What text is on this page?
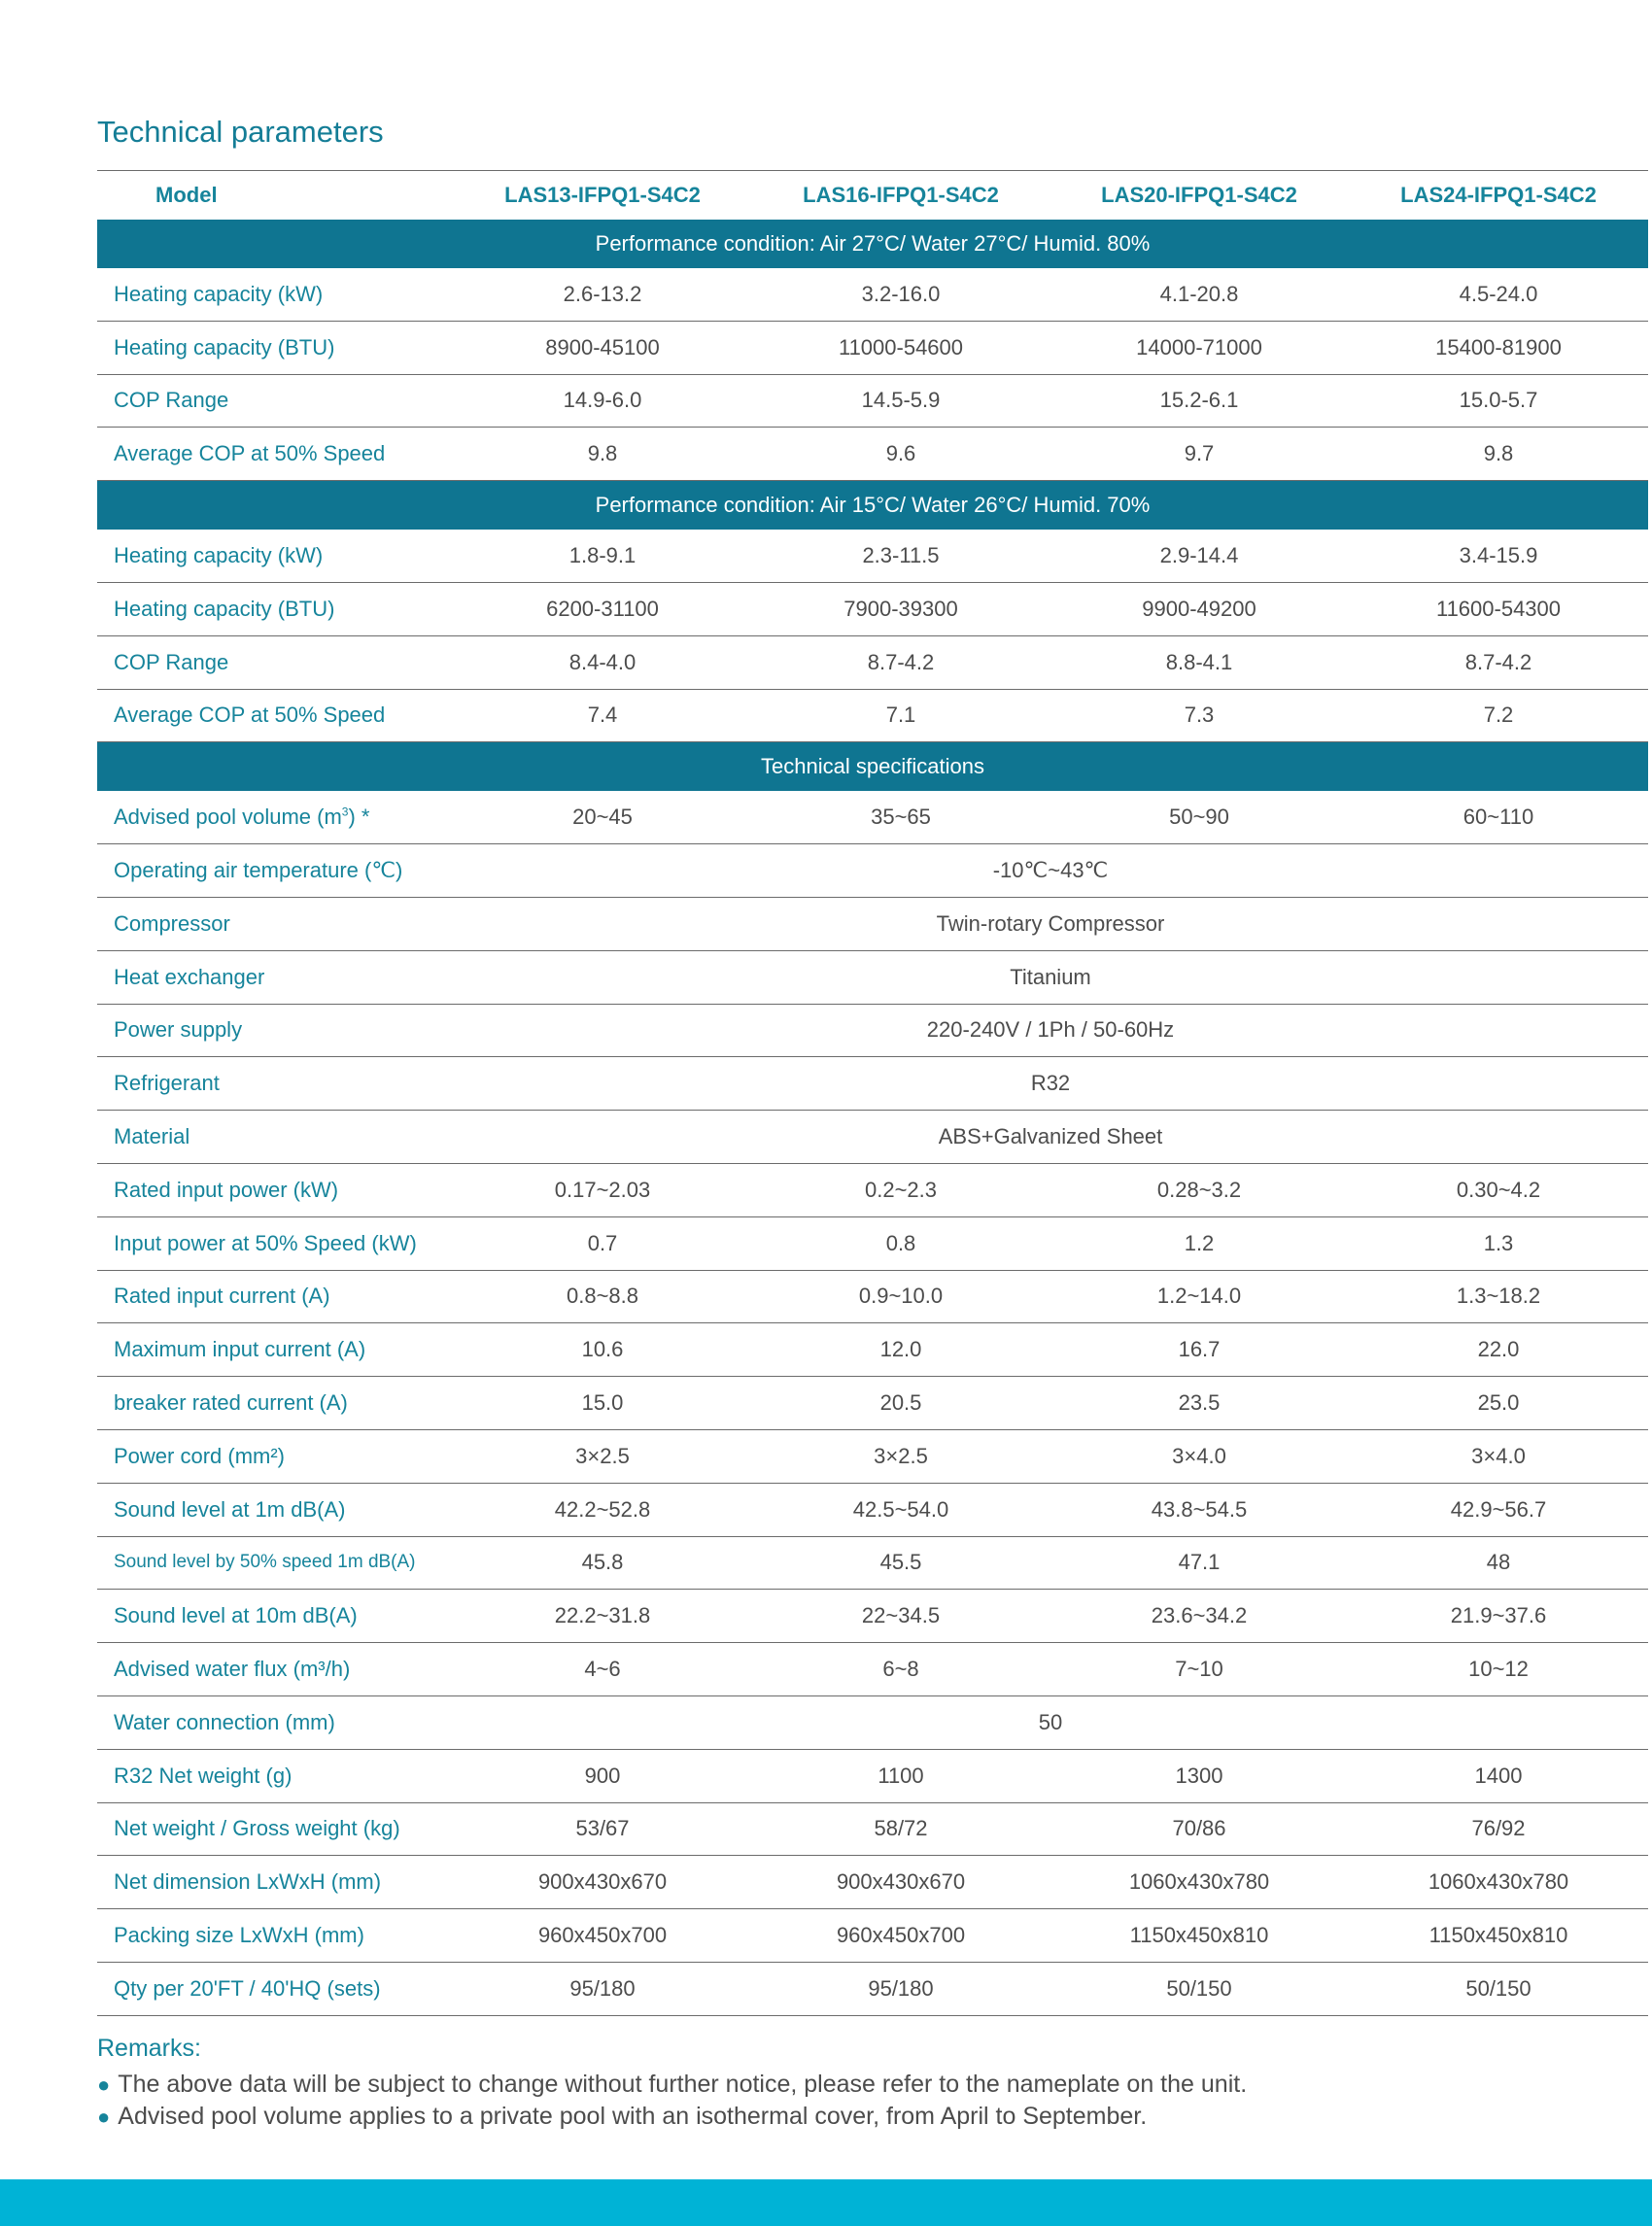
Technical parameters
Model	LAS13-IFPQ1-S4C2	LAS16-IFPQ1-S4C2	LAS20-IFPQ1-S4C2	LAS24-IFPQ1-S4C2
Performance condition: Air 27°C/ Water 27°C/ Humid. 80%				
Heating capacity (kW)	2.6-13.2	3.2-16.0	4.1-20.8	4.5-24.0
Heating capacity (BTU)	8900-45100	11000-54600	14000-71000	15400-81900
COP Range	14.9-6.0	14.5-5.9	15.2-6.1	15.0-5.7
Average COP at 50% Speed	9.8	9.6	9.7	9.8
Performance condition: Air 15°C/ Water 26°C/ Humid. 70%				
Heating capacity (kW)	1.8-9.1	2.3-11.5	2.9-14.4	3.4-15.9
Heating capacity (BTU)	6200-31100	7900-39300	9900-49200	11600-54300
COP Range	8.4-4.0	8.7-4.2	8.8-4.1	8.7-4.2
Average COP at 50% Speed	7.4	7.1	7.3	7.2
Technical specifications				
Advised pool volume $(m^3)$ *	20~45	35~65	50~90	60~110
Operating air temperature (℃)	-10℃~43℃			
Compressor	Twin-rotary Compressor			
Heat exchanger	Titanium			
Power supply	220-240V / 1Ph / 50-60Hz			
Refrigerant	R32			
Material	ABS+Galvanized Sheet			
Rated input power (kW)	0.17~2.03	0.2~2.3	0.28~3.2	0.30~4.2
Input power at 50% Speed (kW)	0.7	0.8	1.2	1.3
Rated input current (A)	0.8~8.8	0.9~10.0	1.2~14.0	1.3~18.2
Maximum input current (A)	10.6	12.0	16.7	22.0
breaker rated current (A)	15.0	20.5	23.5	25.0
Power cord (mm²)	3×2.5	3×2.5	3×4.0	3×4.0
Sound level at 1m dB(A)	42.2~52.8	42.5~54.0	43.8~54.5	42.9~56.7
Sound level by 50% speed 1m dB(A)	45.8	45.5	47.1	48
Sound level at 10m dB(A)	22.2~31.8	22~34.5	23.6~34.2	21.9~37.6
Advised water flux (m³/h)	4~6	6~8	7~10	10~12
Water connection (mm)	50			
R32 Net weight (g)	900	1100	1300	1400
Net weight / Gross weight (kg)	53/67	58/72	70/86	76/92
Net dimension LxWxH (mm)	900x430x670	900x430x670	1060x430x780	1060x430x780
Packing size LxWxH (mm)	960x450x700	960x450x700	1150x450x810	1150x450x810
Qty per 20'FT / 40'HQ (sets)	95/180	95/180	50/150	50/150
Remarks:
● The above data will be subject to change without further notice, please refer to the nameplate on the unit.
● Advised pool volume applies to a private pool with an isothermal cover, from April to September.
